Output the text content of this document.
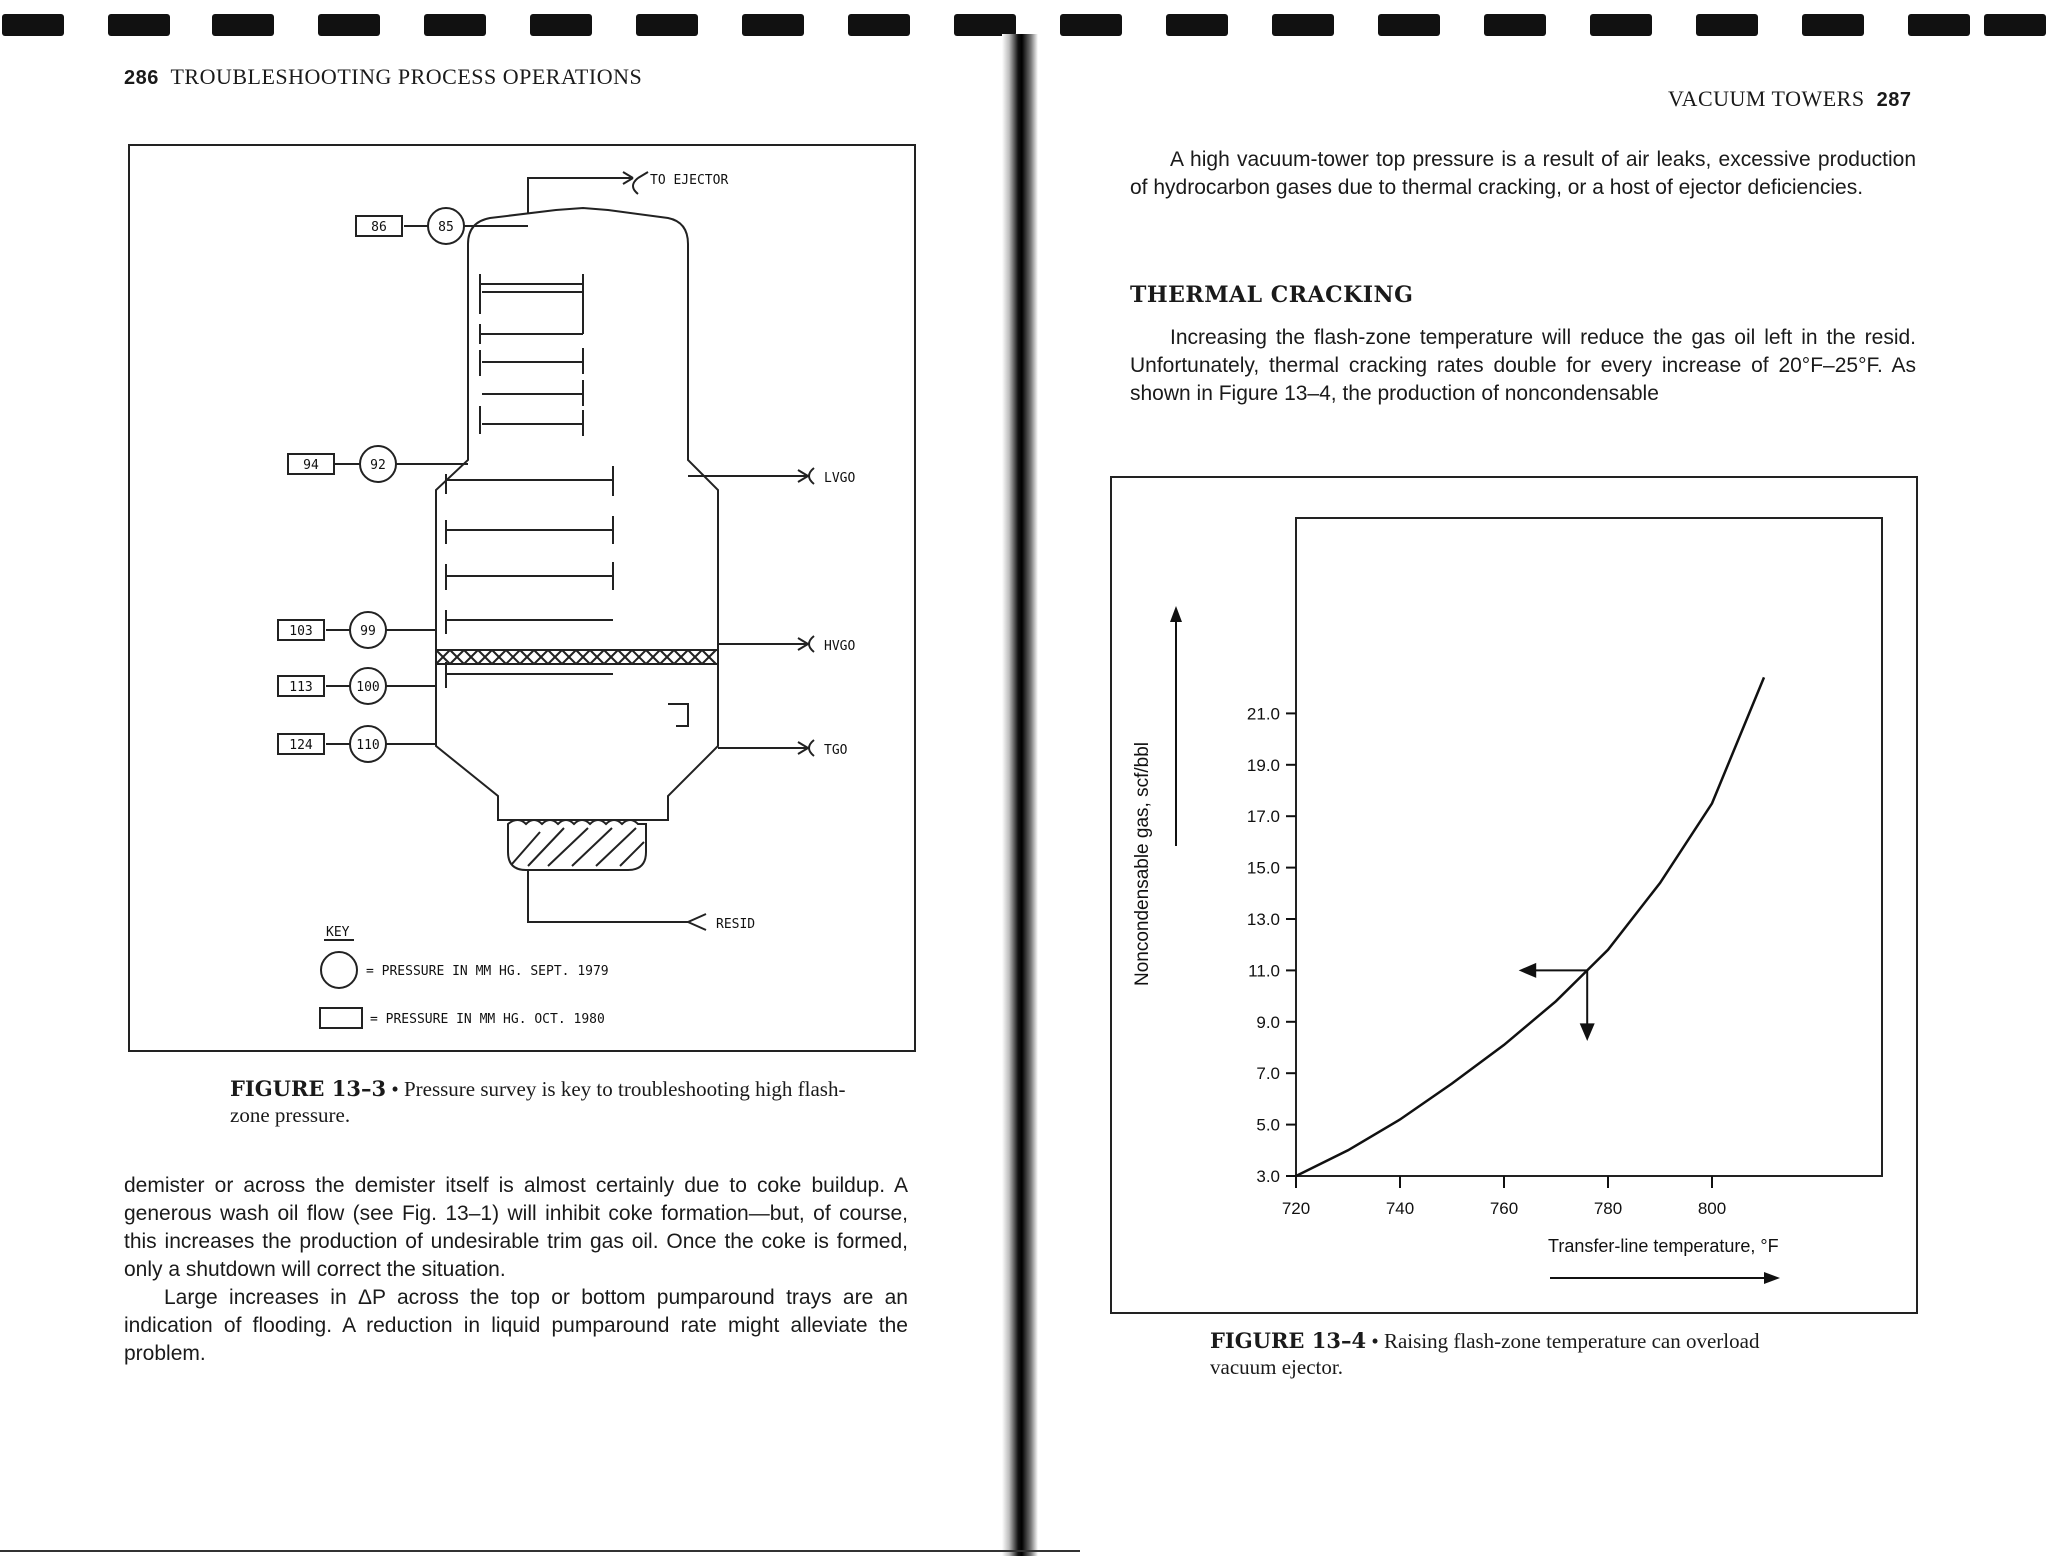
286 TROUBLESHOOTING PROCESS OPERATIONS
TO EJECTOR
LVGO
HVGO
TGO
RESID
85
92
99
100
110
86
94
103
113
124
KEY
= PRESSURE IN MM HG. SEPT. 1979
= PRESSURE IN MM HG. OCT. 1980
FIGURE 13–3 • Pressure survey is key to troubleshooting high flash-zone pressure.

demister or across the demister itself is almost certainly due to coke buildup. A generous wash oil flow (see Fig. 13–1) will inhibit coke formation—but, of course, this increases the production of undesirable trim gas oil. Once the coke is formed, only a shutdown will correct the situation.

Large increases in ΔP across the top or bottom pumparound trays are an indication of flooding. A reduction in liquid pumparound rate might alleviate the problem.

VACUUM TOWERS 287

A high vacuum-tower top pressure is a result of air leaks, excessive production of hydrocarbon gases due to thermal cracking, or a host of ejector deficiencies.

THERMAL CRACKING

Increasing the flash-zone temperature will reduce the gas oil left in the resid. Unfortunately, thermal cracking rates double for every increase of 20°F–25°F. As shown in Figure 13–4, the production of noncondensable

3.0
5.0
7.0
9.0
11.0
13.0
15.0
17.0
19.0
21.0
720	740	760	780	800
Noncondensable gas, scf/bbl
Transfer-line temperature, °F
FIGURE 13–4 • Raising flash-zone temperature can overload vacuum ejector.
